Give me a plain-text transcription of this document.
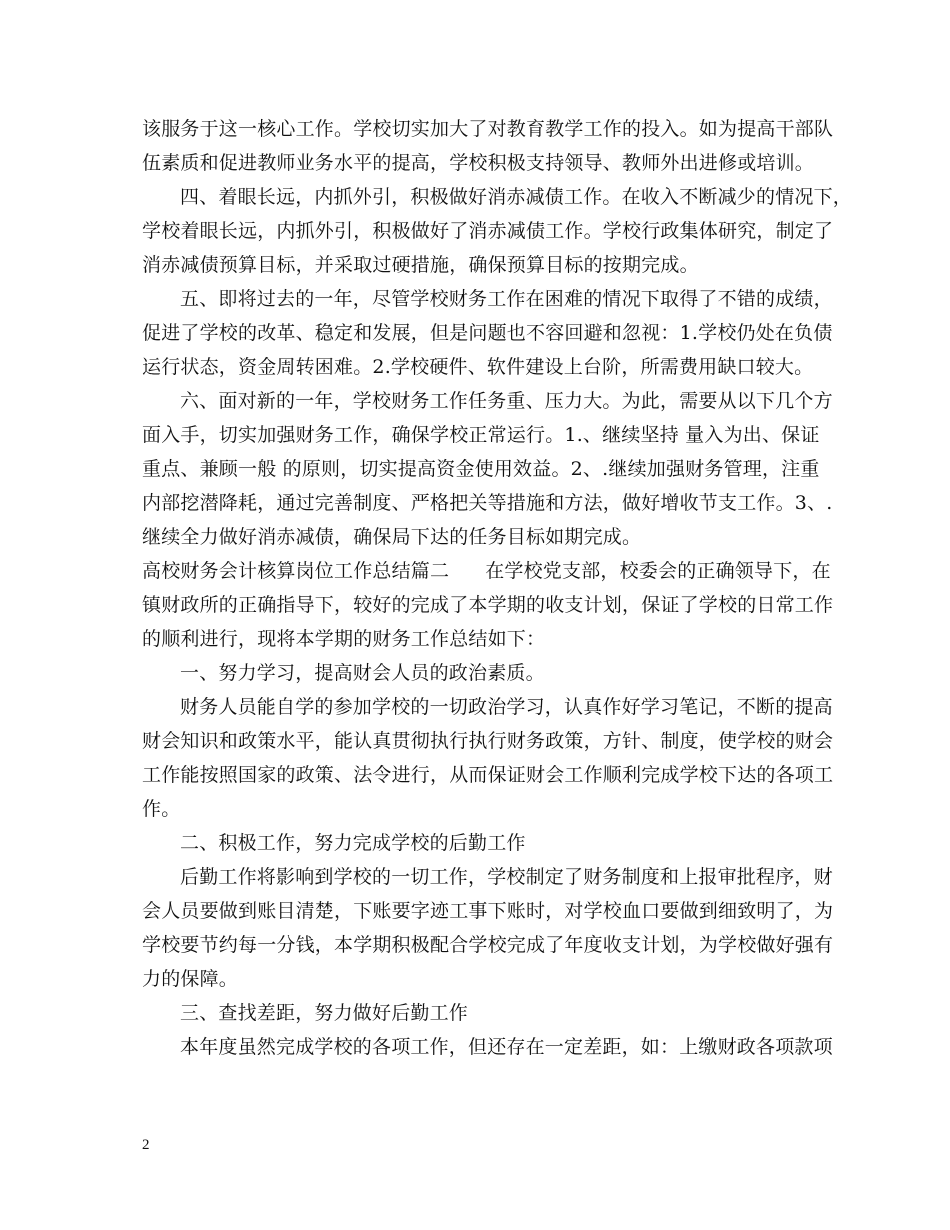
该服务于这一核心工作。学校切实加大了对教育教学工作的投入。如为提高干部队
伍素质和促进教师业务水平的提高，学校积极支持领导、教师外出进修或培训。
四、着眼长远，内抓外引，积极做好消赤减债工作。在收入不断减少的情况下，
学校着眼长远，内抓外引，积极做好了消赤减债工作。学校行政集体研究，制定了
消赤减债预算目标，并采取过硬措施，确保预算目标的按期完成。
五、即将过去的一年，尽管学校财务工作在困难的情况下取得了不错的成绩，
促进了学校的改革、稳定和发展，但是问题也不容回避和忽视：1.学校仍处在负债
运行状态，资金周转困难。2.学校硬件、软件建设上台阶，所需费用缺口较大。
六、面对新的一年，学校财务工作任务重、压力大。为此，需要从以下几个方
面入手，切实加强财务工作，确保学校正常运行。1.、继续坚持 量入为出、保证
重点、兼顾一般 的原则，切实提高资金使用效益。2、.继续加强财务管理，注重
内部挖潜降耗，通过完善制度、严格把关等措施和方法，做好增收节支工作。3、.
继续全力做好消赤减债，确保局下达的任务目标如期完成。
高校财务会计核算岗位工作总结篇二 在学校党支部，校委会的正确领导下，在
镇财政所的正确指导下，较好的完成了本学期的收支计划，保证了学校的日常工作
的顺利进行，现将本学期的财务工作总结如下：
一、努力学习，提高财会人员的政治素质。
财务人员能自学的参加学校的一切政治学习，认真作好学习笔记，不断的提高
财会知识和政策水平，能认真贯彻执行执行财务政策，方针、制度，使学校的财会
工作能按照国家的政策、法令进行，从而保证财会工作顺利完成学校下达的各项工
作。
二、积极工作，努力完成学校的后勤工作
后勤工作将影响到学校的一切工作，学校制定了财务制度和上报审批程序，财
会人员要做到账目清楚，下账要字迹工事下账时，对学校血口要做到细致明了，为
学校要节约每一分钱，本学期积极配合学校完成了年度收支计划，为学校做好强有
力的保障。
三、查找差距，努力做好后勤工作
本年度虽然完成学校的各项工作，但还存在一定差距，如：上缴财政各项款项
2
